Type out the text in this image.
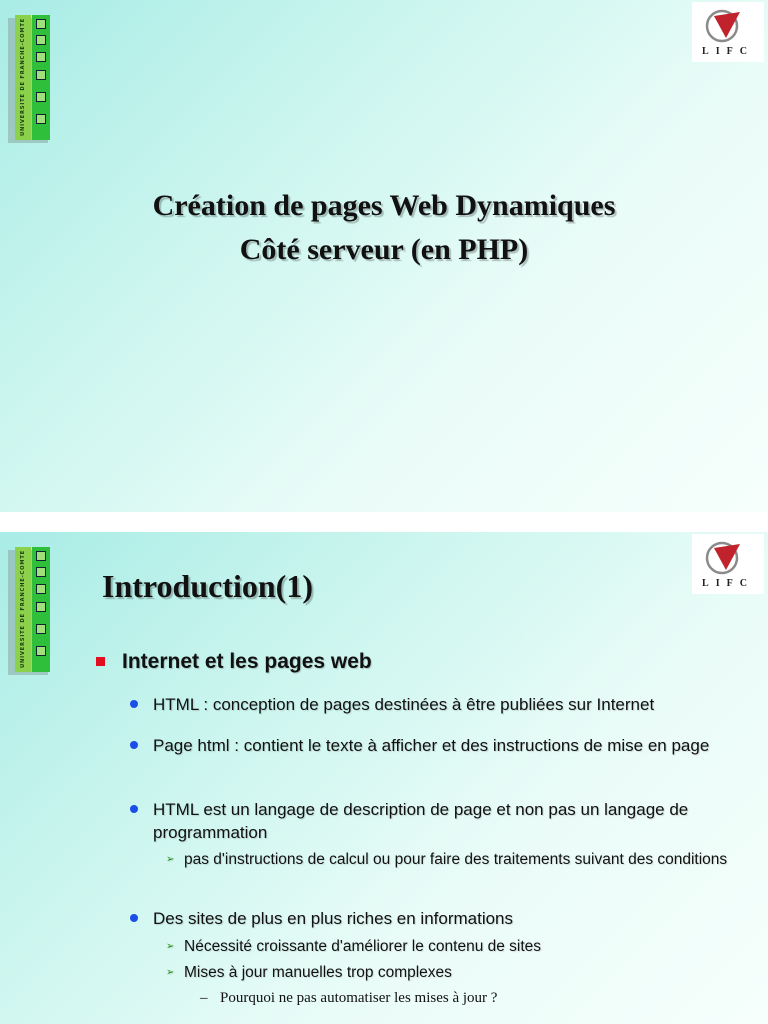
UNIVERSITE DE FRANCHE-COMTE	LIFC
Création de pages Web Dynamiques
Côté serveur (en PHP)
UNIVERSITE DE FRANCHE-COMTE	LIFC
Introduction(1)
Internet et les pages web
HTML : conception de pages destinées à être publiées sur Internet
Page html : contient le texte à afficher et des instructions de mise en page
HTML est un langage de description de page et non pas un langage de programmation
➢ pas d'instructions de calcul ou pour faire des traitements suivant des conditions
Des sites de plus en plus riches en informations
➢ Nécessité croissante d'améliorer le contenu de sites
➢ Mises à jour manuelles trop complexes
– Pourquoi ne pas automatiser les mises à jour ?
